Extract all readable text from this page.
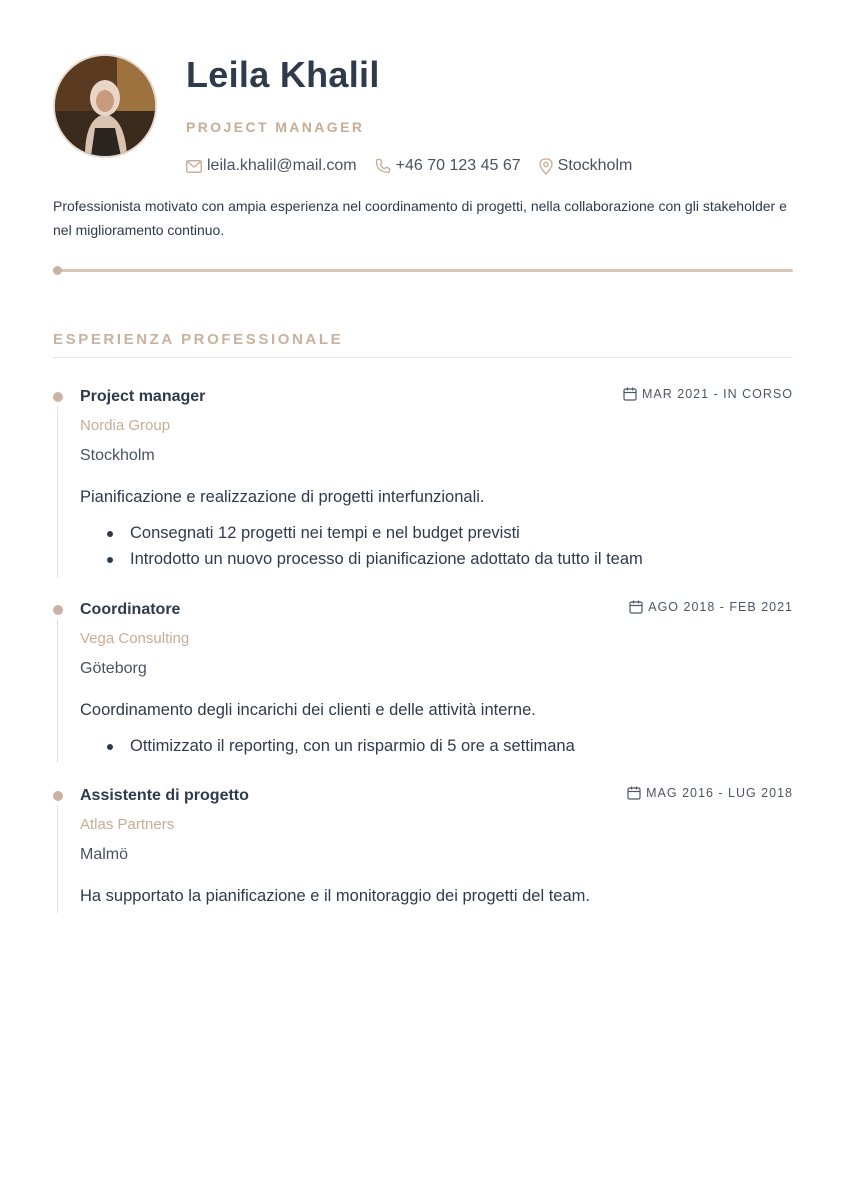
Leila Khalil

PROJECT MANAGER

leila.khalil@mail.com +46 70 123 45 67 Stockholm

Professionista motivato con ampia esperienza nel coordinamento di progetti, nella collaborazione con gli stakeholder e nel miglioramento continuo.

ESPERIENZA PROFESSIONALE
Project manager	MAR 2021 - IN CORSO

Nordia Group

Stockholm

Pianificazione e realizzazione di progetti interfunzionali.

Consegnati 12 progetti nei tempi e nel budget previsti
Introdotto un nuovo processo di pianificazione adottato da tutto il team
Coordinatore	AGO 2018 - FEB 2021

Vega Consulting

Göteborg

Coordinamento degli incarichi dei clienti e delle attività interne.

Ottimizzato il reporting, con un risparmio di 5 ore a settimana
Assistente di progetto	MAG 2016 - LUG 2018

Atlas Partners

Malmö

Ha supportato la pianificazione e il monitoraggio dei progetti del team.
